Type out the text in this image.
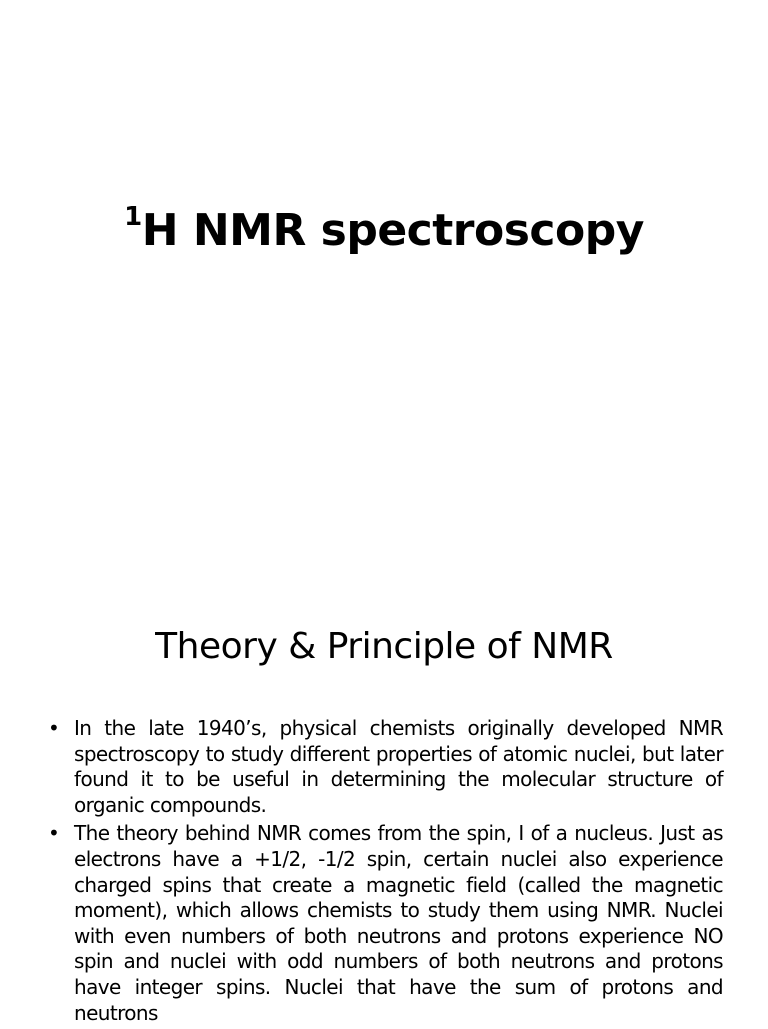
$^1$H NMR spectroscopy
Theory & Principle of NMR
• In the late 1940’s, physical chemists originally developed NMR spectroscopy to study different properties of atomic nuclei, but later found it to be useful in determining the molecular structure of organic compounds.
• The theory behind NMR comes from the spin, I of a nucleus. Just as electrons have a +1/2, -1/2 spin, certain nuclei also experience charged spins that create a magnetic field (called the magnetic moment), which allows chemists to study them using NMR. Nuclei with even numbers of both neutrons and protons experience NO spin and nuclei with odd numbers of both neutrons and protons have integer spins. Nuclei that have the sum of protons and neutrons
